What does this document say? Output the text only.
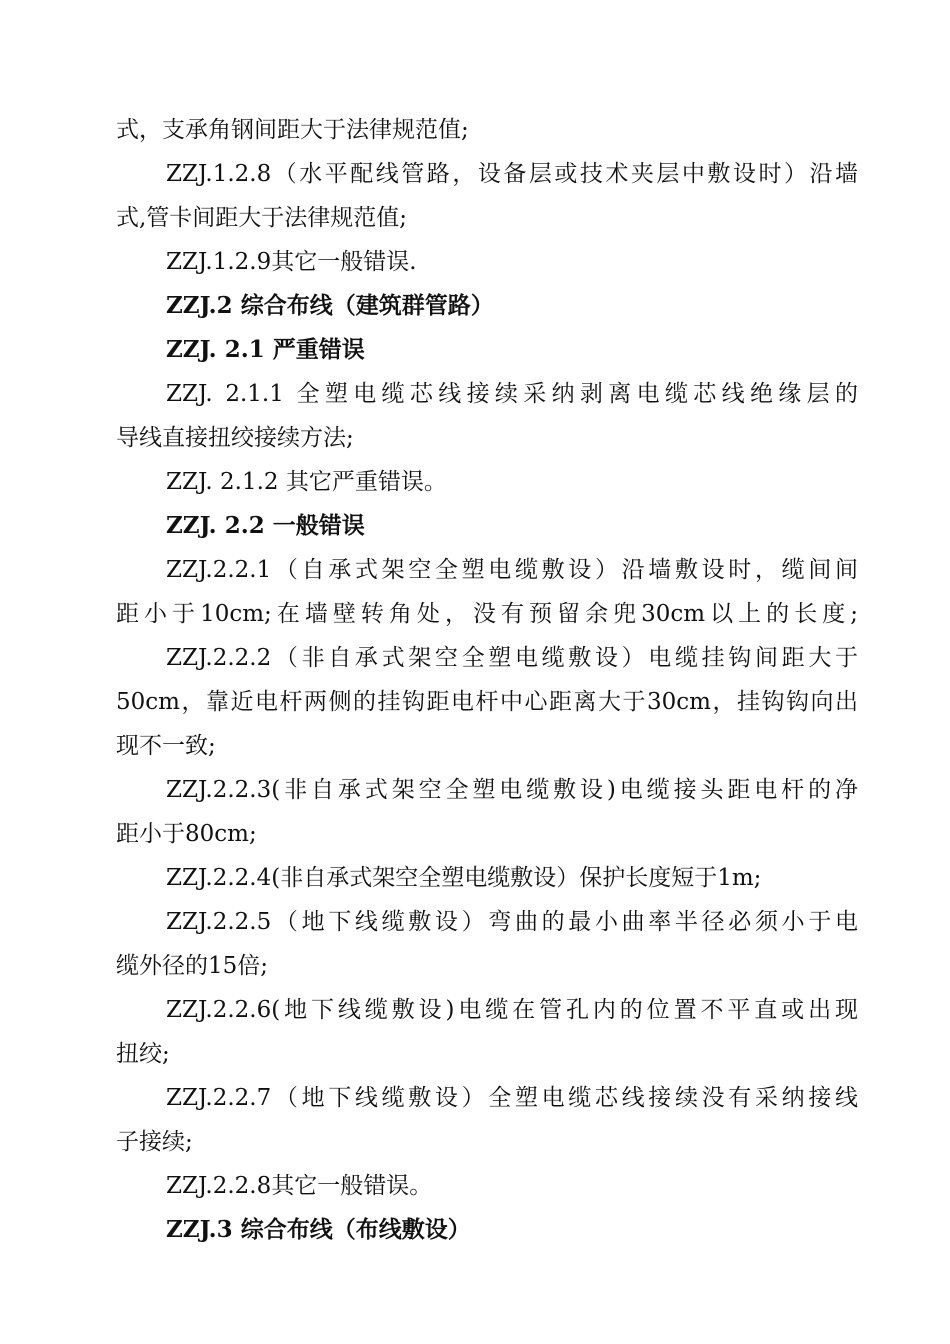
式，支承角钢间距大于法律规范值;
ZZJ.1.2.8（水平配线管路，设备层或技术夹层中敷设时）沿墙
式,管卡间距大于法律规范值;
ZZJ.1.2.9其它一般错误.
ZZJ.2 综合布线（建筑群管路）
ZZJ. 2.1 严重错误
ZZJ. 2.1.1 全塑电缆芯线接续采纳剥离电缆芯线绝缘层的
导线直接扭绞接续方法;
ZZJ. 2.1.2 其它严重错误。
ZZJ. 2.2 一般错误
ZZJ.2.2.1（自承式架空全塑电缆敷设）沿墙敷设时，缆间间
距小于10cm;在墙壁转角处，没有预留余兜30cm以上的长度;
ZZJ.2.2.2（非自承式架空全塑电缆敷设）电缆挂钩间距大于
50cm，靠近电杆两侧的挂钩距电杆中心距离大于30cm，挂钩钩向出
现不一致;
ZZJ.2.2.3(非自承式架空全塑电缆敷设)电缆接头距电杆的净
距小于80cm;
ZZJ.2.2.4(非自承式架空全塑电缆敷设）保护长度短于1m;
ZZJ.2.2.5（地下线缆敷设）弯曲的最小曲率半径必须小于电
缆外径的15倍;
ZZJ.2.2.6(地下线缆敷设)电缆在管孔内的位置不平直或出现
扭绞;
ZZJ.2.2.7（地下线缆敷设）全塑电缆芯线接续没有采纳接线
子接续;
ZZJ.2.2.8其它一般错误。
ZZJ.3 综合布线（布线敷设）
